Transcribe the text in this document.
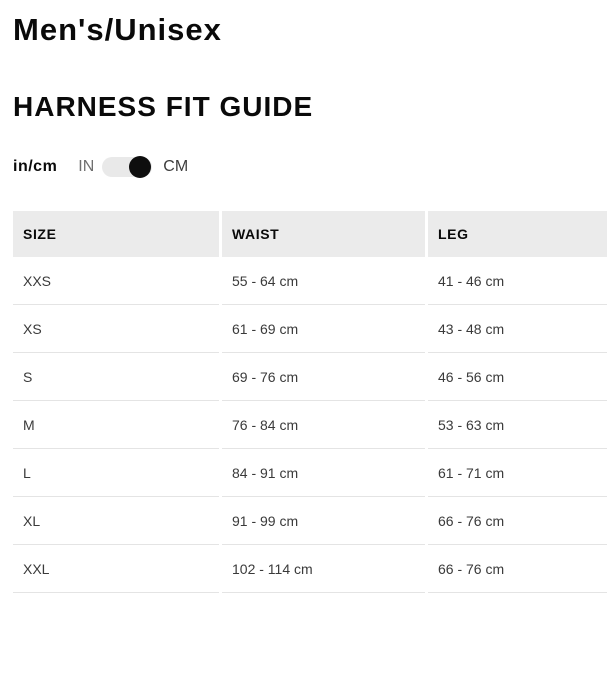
Men's/Unisex
HARNESS FIT GUIDE
in/cm IN	CM
SIZE	WAIST	LEG
XXS	55 - 64 cm	41 - 46 cm
XS	61 - 69 cm	43 - 48 cm
S	69 - 76 cm	46 - 56 cm
M	76 - 84 cm	53 - 63 cm
L	84 - 91 cm	61 - 71 cm
XL	91 - 99 cm	66 - 76 cm
XXL	102 - 114 cm	66 - 76 cm
